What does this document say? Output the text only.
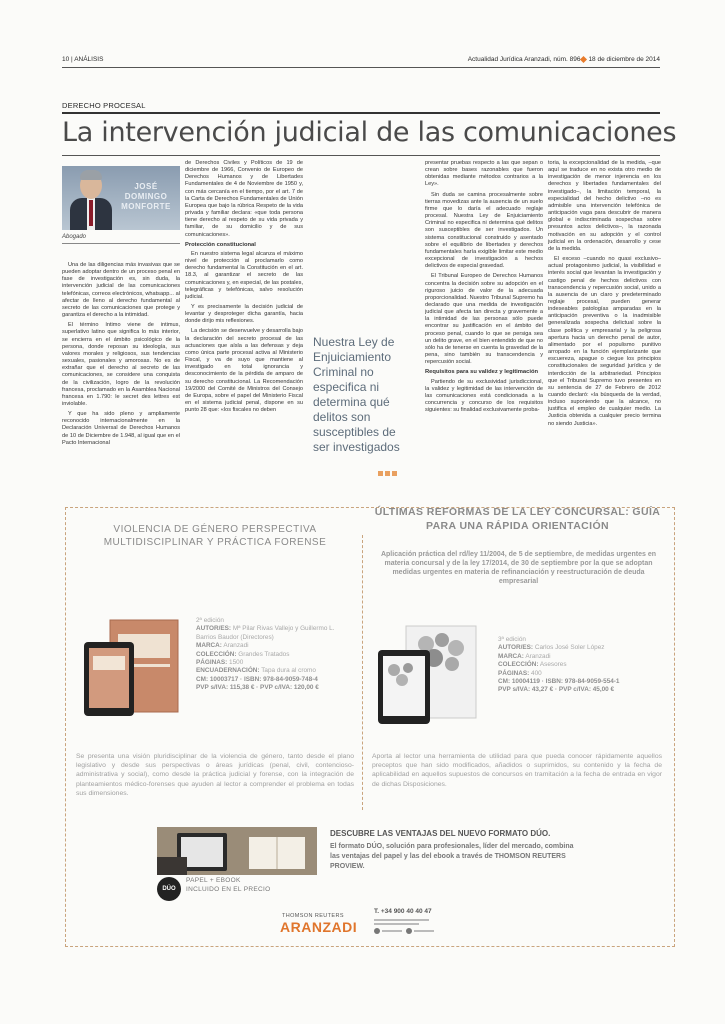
10 | ANÁLISIS	Actualidad Jurídica Aranzadi, núm. 896 18 de diciembre de 2014
DERECHO PROCESAL
La intervención judicial de las comunicaciones
JOSÉ DOMINGO MONFORTE
Abogado

Una de las diligencias más invasivas que se pueden adoptar dentro de un proceso penal en fase de investigación es, sin duda, la intervención judicial de las comunicaciones telefónicas, correos electrónicos, whatsapp... al afectar de lleno al derecho fundamental al secreto de las comunicaciones que protege y garantiza el derecho a la intimidad.

El término íntimo viene de intimus, superlativo latino que significa lo más interior, se encierra en el ámbito psicológico de la persona, donde reposan su ideología, sus valores morales y religiosos, sus tendencias sexuales, pasionales y amorosas. No es de extrañar que el derecho al secreto de las comunicaciones, se considere una conquista de la civilización, logro de la revolución francesa, proclamado en la Asamblea Nacional francesa en 1.790: le secret des lettres est inviolable.

Y que ha sido pleno y ampliamente reconocido internacionalmente en la Declaración Universal de Derechos Humanos de 10 de Diciembre de 1.948, al igual que en el Pacto Internacional

de Derechos Civiles y Políticos de 19 de diciembre de 1966, Convenio de Europeo de Derechos Humanos y de Libertades Fundamentales de 4 de Noviembre de 1950 y, con más cercanía en el tiempo, por el art. 7 de la Carta de Derechos Fundamentales de Unión Europea que bajo la rúbrica Respeto de la vida privada y familiar declara: «que toda persona tiene derecho al respeto de su vida privada y familiar, de su domicilio y de sus comunicaciones».

Protección constitucional

En nuestro sistema legal alcanza el máximo nivel de protección al proclamarlo como derecho fundamental la Constitución en el art. 18.3, al garantizar el secreto de las comunicaciones y, en especial, de las postales, telegráficas y telefónicas, salvo resolución judicial.

Y es precisamente la decisión judicial de levantar y desproteger dicha garantía, hacia donde dirijo mis reflexiones.

La decisión se desenvuelve y desarrolla bajo la declaración del secreto procesal de las actuaciones que aísla a las defensas y deja como única parte procesal activa al Ministerio Fiscal, y va de suyo que mantiene al investigado en total ignorancia y desconocimiento de la pérdida de amparo de su derecho constitucional. La Recomendación 19/2000 del Comité de Ministros del Consejo de Europa, sobre el papel del Ministerio Fiscal en el sistema judicial penal, dispone en su punto 28 que: «los fiscales no deben

Nuestra Ley de Enjuiciamiento Criminal no especifica ni determina qué delitos son susceptibles de ser investigados

presentar pruebas respecto a las que sepan o crean sobre bases razonables que fueron obtenidas mediante métodos contrarios a la Ley».

Sin duda se camina procesalmente sobre tierras movedizas ante la ausencia de un suelo firme que lo daría el adecuado reglaje procesal. Nuestra Ley de Enjuiciamiento Criminal no especifica ni determina qué delitos son susceptibles de ser investigados. Un sistema constitucional construido y asentado sobre el equilibrio de libertades y derechos fundamentales haría exigible limitar este medio excepcional de investigación a hechos delictivos de especial gravedad.

El Tribunal Europeo de Derechos Humanos concentra la decisión sobre su adopción en el riguroso juicio de valor de la adecuada proporcionalidad. Nuestro Tribunal Supremo ha declarado que una medida de investigación judicial que afecta tan directa y gravemente a la intimidad de las personas sólo puede encontrar su justificación en el ámbito del proceso penal, cuando lo que se persiga sea un delito grave, en el bien entendido de que no sólo ha de tenerse en cuenta la gravedad de la pena, sino también su transcendencia y repercusión social.

Requisitos para su validez y legitimación

Partiendo de su exclusividad jurisdiccional, la validez y legitimidad de las intervención de las comunicaciones está condicionada a la concurrencia y concurso de los requisitos siguientes: su finalidad exclusivamente proba-

toria, la excepcionalidad de la medida, –que aquí se traduce en no exista otro medio de investigación de menor injerencia en los derechos y libertades fundamentales del investigado–, la limitación temporal, la especialidad del hecho delictivo –no es admisible una intervención telefónica de anticipación vaga para descubrir de manera global e indiscriminada sospechas sobre presuntos actos delictivos–, la razonada motivación en su adopción y el control judicial en la ordenación, desarrollo y cese de la medida.

El exceso –cuando no quasi exclusivo– actual protagonismo judicial, la visibilidad e interés social que levantan la investigación y castigo penal de hechos delictivos con transcendencia y repercusión social, unido a la ausencia de un claro y predeterminado reglaje procesal, pueden generar indeseables patologías amparadas en la anticipación preventiva o la inadmisible generalizada sospecha delictual sobre la clase política y empresarial y la peligrosa apertura hacia un derecho penal de autor, alimentado por el populismo punitivo arropado en la función ejemplarizante que escuereza, apague o ciegue los principios constitucionales de seguridad jurídica y de interdicción de la arbitrariedad. Principios que el Tribunal Supremo tuvo presentes en su sentencia de 27 de Febrero de 2012 cuando declaró: «la búsqueda de la verdad, incluso suponiendo que la alcance, no justifica el empleo de cualquier medio. La Justicia obtenida a cualquier precio termina no siendo Justicia».

VIOLENCIA DE GÉNERO PERSPECTIVA MULTIDISCIPLINAR Y PRÁCTICA FORENSE
ÚLTIMAS REFORMAS DE LA LEY CONCURSAL: GUÍA PARA UNA RÁPIDA ORIENTACIÓN
Aplicación práctica del rd/ley 11/2004, de 5 de septiembre, de medidas urgentes en materia concursal y de la ley 17/2014, de 30 de septiembre por la que se adoptan medidas urgentes en materia de refinanciación y reestructuración de deuda empresarial
2ª edición
AUTOR/ES: Mª Pilar Rivas Vallejo y Guillermo L. Barrios Baudor (Directores)
MARCA: Aranzadi
COLECCIÓN: Grandes Tratados
PÁGINAS: 1500
ENCUADERNACIÓN: Tapa dura al cromo
CM: 10003717 · ISBN: 978-84-9059-748-4
PVP s/IVA: 115,38 € · PVP c/IVA: 120,00 €
Se presenta una visión pluridisciplinar de la violencia de género, tanto desde el plano legislativo y desde sus perspectivas o áreas jurídicas (penal, civil, contencioso-administrativa y social), como desde la práctica judicial y forense, con la integración de planteamientos médico-forenses que ayuden al lector a comprender el problema en todas sus dimensiones.
3ª edición
AUTOR/ES: Carlos José Soler López
MARCA: Aranzadi
COLECCIÓN: Asesores
PÁGINAS: 400
CM: 10004119 · ISBN: 978-84-9059-554-1
PVP s/IVA: 43,27 € · PVP c/IVA: 45,00 €
Aporta al lector una herramienta de utilidad para que pueda conocer rápidamente aquellos preceptos que han sido modificados, añadidos o suprimidos, su contenido y la fecha de aplicabilidad en aquellos supuestos de concursos en tramitación a la fecha de entrada en vigor de dichas Disposiciones.
DÚO
PAPEL + EBOOK
INCLUIDO EN EL PRECIO
DESCUBRE LAS VENTAJAS DEL NUEVO FORMATO DÚO.
El formato DÚO, solución para profesionales, líder del mercado, combina las ventajas del papel y las del ebook a través de THOMSON REUTERS PROVIEW.
THOMSON REUTERS
ARANZADI
T. +34 900 40 40 47
